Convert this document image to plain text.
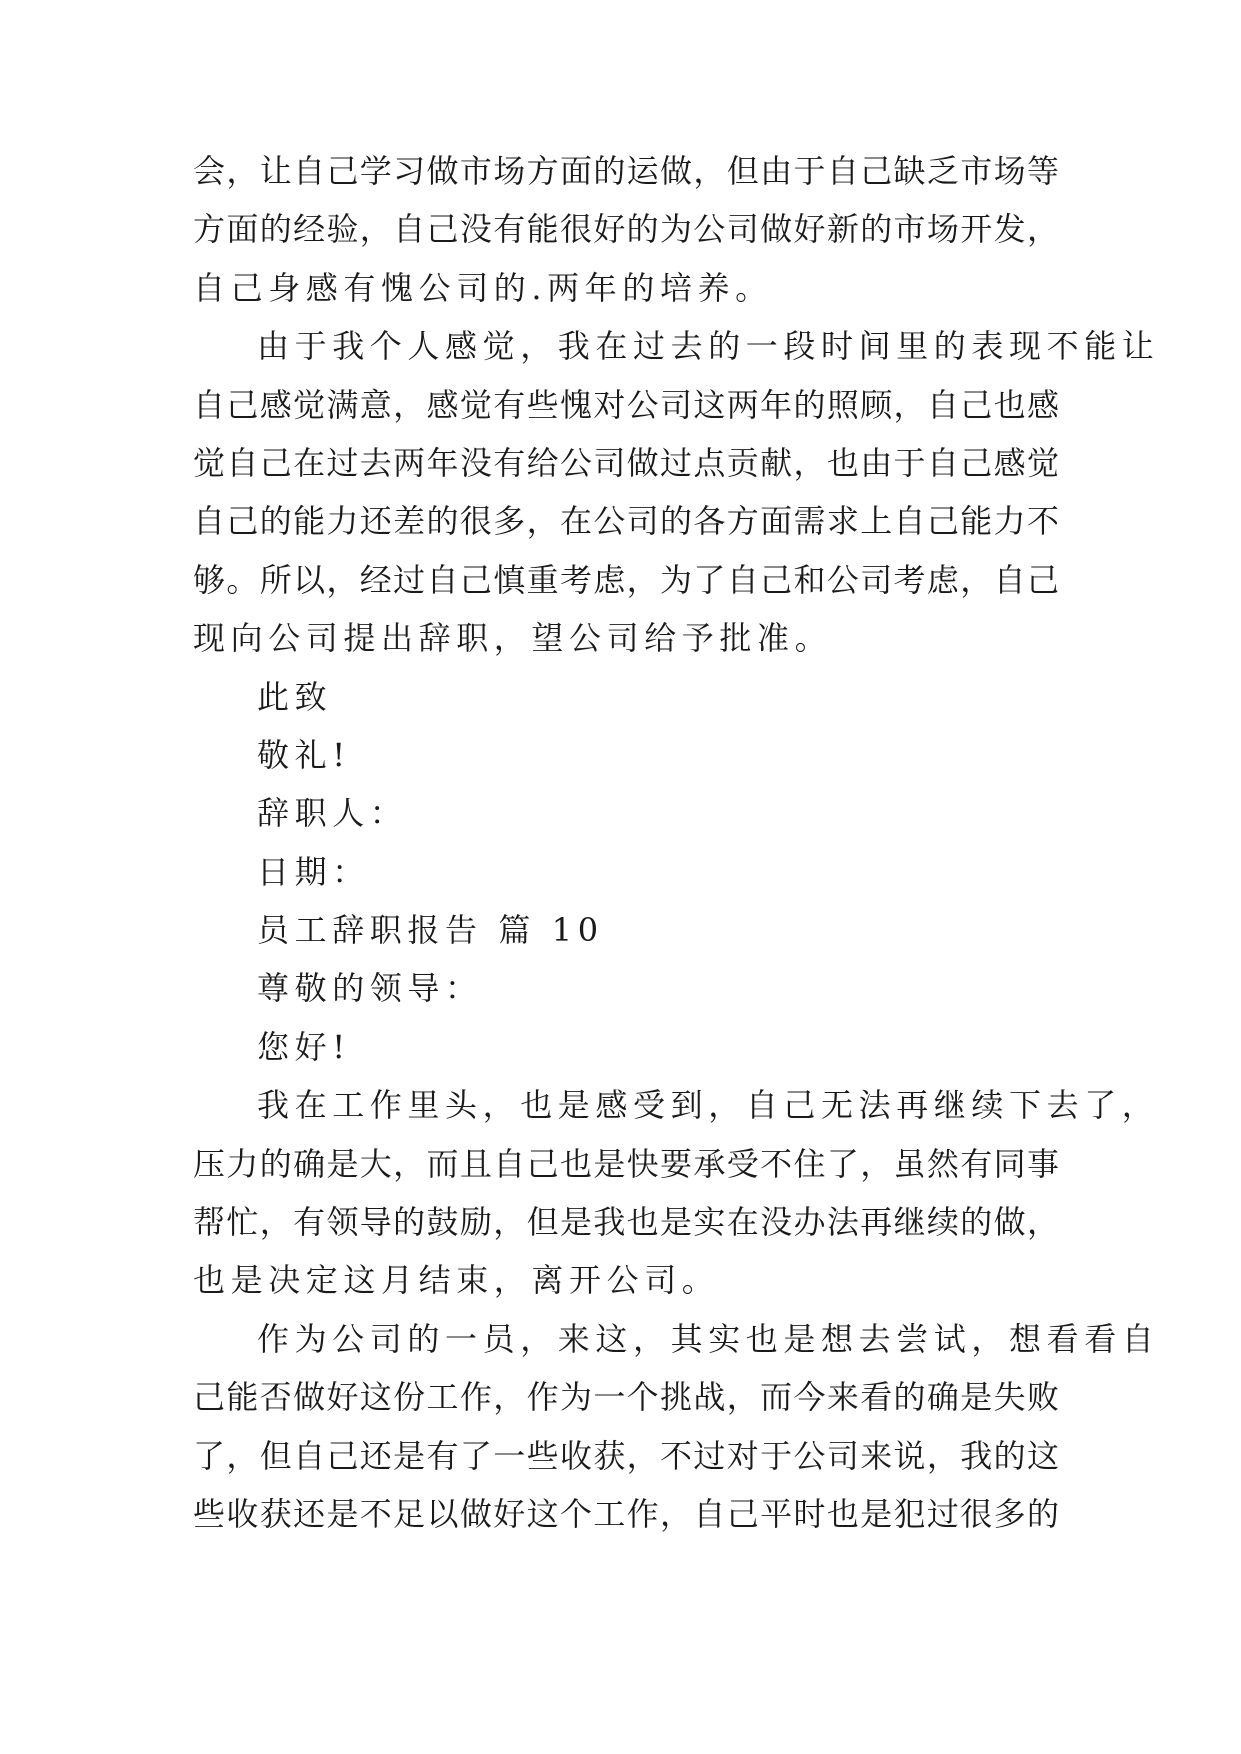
会，让自己学习做市场方面的运做，但由于自己缺乏市场等
方面的经验，自己没有能很好的为公司做好新的市场开发，
自己身感有愧公司的.两年的培养。
由于我个人感觉，我在过去的一段时间里的表现不能让
自己感觉满意，感觉有些愧对公司这两年的照顾，自己也感
觉自己在过去两年没有给公司做过点贡献，也由于自己感觉
自己的能力还差的很多，在公司的各方面需求上自己能力不
够。所以，经过自己慎重考虑，为了自己和公司考虑，自己
现向公司提出辞职，望公司给予批准。
此致
敬礼!
辞职人：
日期：
员工辞职报告 篇 10
尊敬的领导：
您好!
我在工作里头，也是感受到，自己无法再继续下去了，
压力的确是大，而且自己也是快要承受不住了，虽然有同事
帮忙，有领导的鼓励，但是我也是实在没办法再继续的做，
也是决定这月结束，离开公司。
作为公司的一员，来这，其实也是想去尝试，想看看自
己能否做好这份工作，作为一个挑战，而今来看的确是失败
了，但自己还是有了一些收获，不过对于公司来说，我的这
些收获还是不足以做好这个工作，自己平时也是犯过很多的
